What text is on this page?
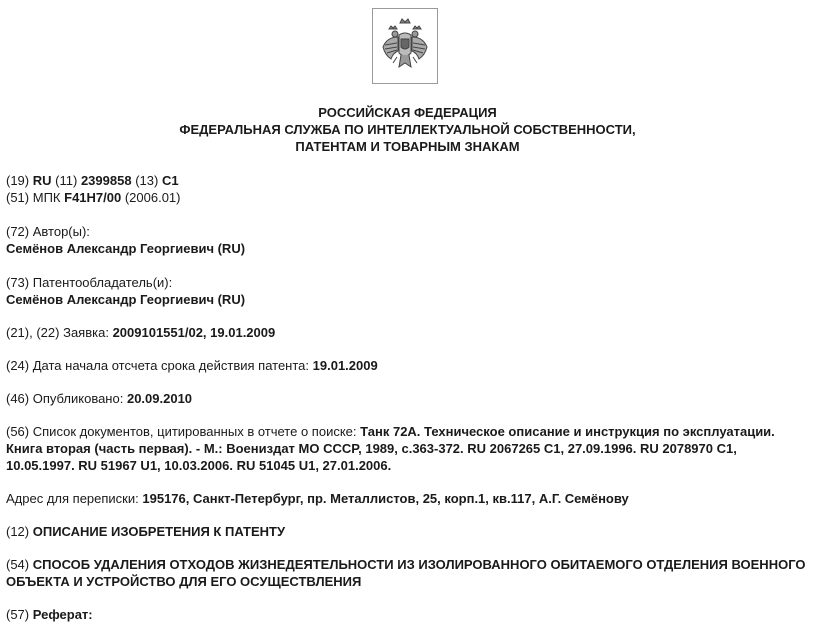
РОССИЙСКАЯ ФЕДЕРАЦИЯ
ФЕДЕРАЛЬНАЯ СЛУЖБА ПО ИНТЕЛЛЕКТУАЛЬНОЙ СОБСТВЕННОСТИ,
ПАТЕНТАМ И ТОВАРНЫМ ЗНАКАМ
(19) RU (11) 2399858 (13) C1
(51) МПК F41H7/00 (2006.01)
(72) Автор(ы):
Семёнов Александр Георгиевич (RU)
(73) Патентообладатель(и):
Семёнов Александр Георгиевич (RU)
(21), (22) Заявка: 2009101551/02, 19.01.2009
(24) Дата начала отсчета срока действия патента: 19.01.2009
(46) Опубликовано: 20.09.2010
(56) Список документов, цитированных в отчете о поиске: Танк 72А. Техническое описание и инструкция по эксплуатации. Книга вторая (часть первая). - М.: Воениздат МО СССР, 1989, с.363-372. RU 2067265 C1, 27.09.1996. RU 2078970 C1, 10.05.1997. RU 51967 U1, 10.03.2006. RU 51045 U1, 27.01.2006.
Адрес для переписки: 195176, Санкт-Петербург, пр. Металлистов, 25, корп.1, кв.117, А.Г. Семёнову
(12) ОПИСАНИЕ ИЗОБРЕТЕНИЯ К ПАТЕНТУ
(54) СПОСОБ УДАЛЕНИЯ ОТХОДОВ ЖИЗНЕДЕЯТЕЛЬНОСТИ ИЗ ИЗОЛИРОВАННОГО ОБИТАЕМОГО ОТДЕЛЕНИЯ ВОЕННОГО ОБЪЕКТА И УСТРОЙСТВО ДЛЯ ЕГО ОСУЩЕСТВЛЕНИЯ
(57) Реферат:
